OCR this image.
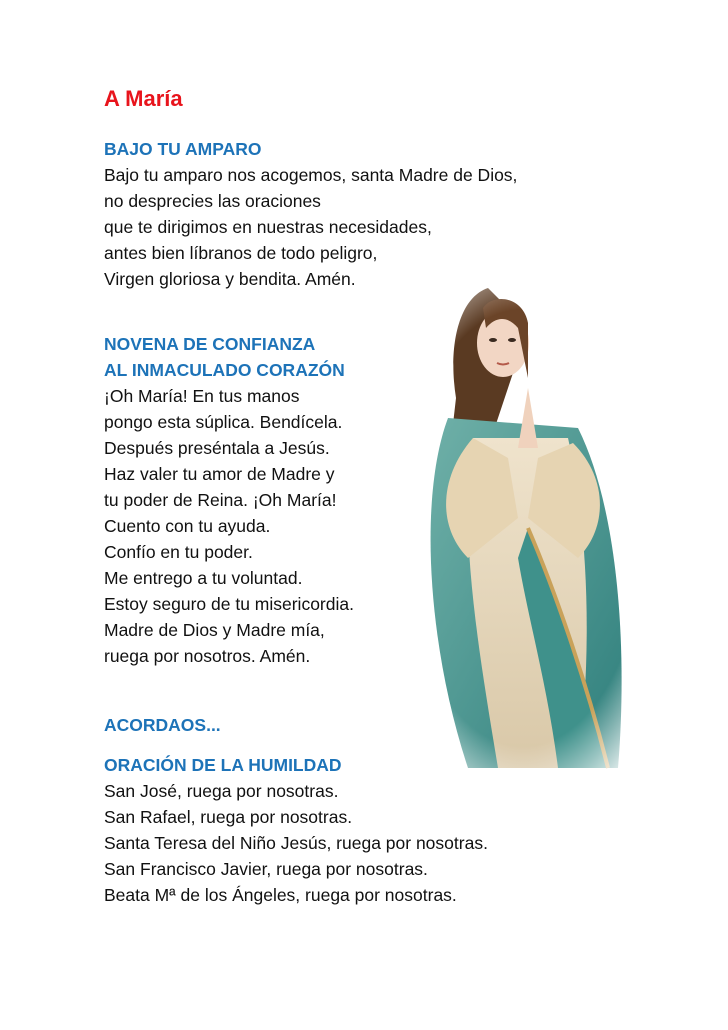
A María
BAJO TU AMPARO
Bajo tu amparo nos acogemos, santa Madre de Dios,
no desprecies las oraciones
que te dirigimos en nuestras necesidades,
antes bien líbranos de todo peligro,
Virgen gloriosa y bendita. Amén.
NOVENA DE CONFIANZA
AL INMACULADO CORAZÓN
¡Oh María! En tus manos
pongo esta súplica. Bendícela.
Después preséntala a Jesús.
Haz valer tu amor de Madre y
tu poder de Reina. ¡Oh María!
Cuento con tu ayuda.
Confío en tu poder.
Me entrego a tu voluntad.
Estoy seguro de tu misericordia.
Madre de Dios y Madre mía,
ruega por nosotros. Amén.
ACORDAOS...
ORACIÓN DE LA HUMILDAD
San José, ruega por nosotras.
San Rafael, ruega por nosotras.
Santa Teresa del Niño Jesús, ruega por nosotras.
San Francisco Javier, ruega por nosotras.
Beata Mª de los Ángeles, ruega por nosotras.
